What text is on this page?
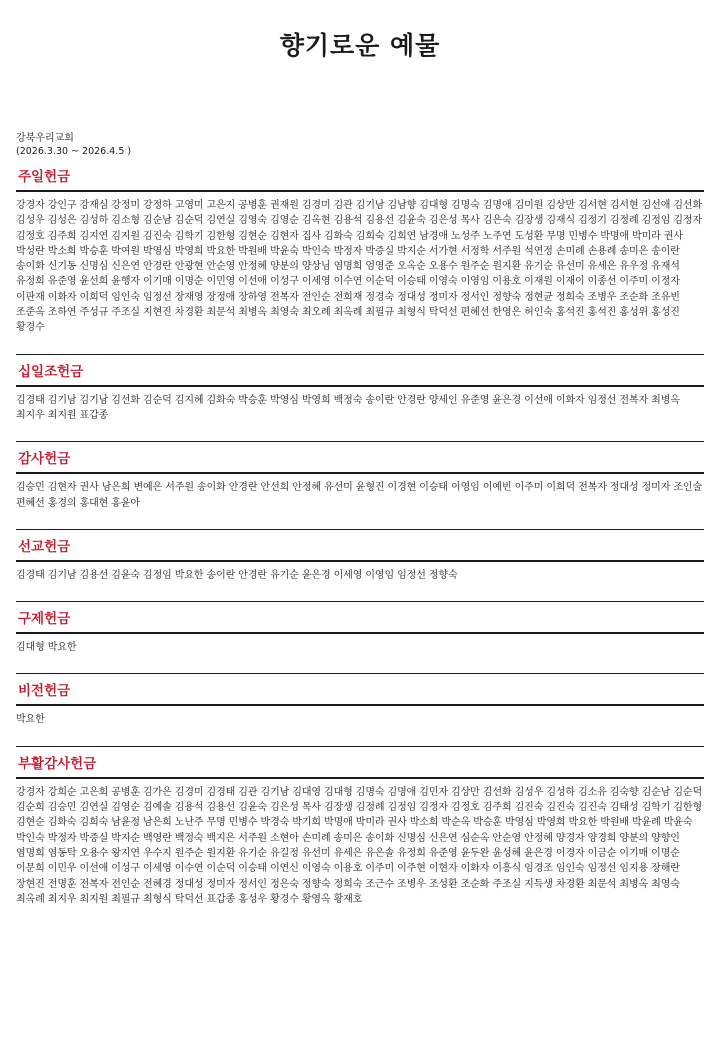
향기로운 예물
강북우리교회
(2026.3.30 ~ 2026.4.5 )
주일헌금
강경자 강인구 강재심 강정미 강정하 고영미 고은지 공병훈 권재원 김경미 김관 김기남 김남향 김대형 김명숙 김명애 김미원 김상만 김서현 김서현 김선애 김선화 김성우 김성은 김성하 김소형 김순남 김순덕 김연실 김영숙 김영순 김옥현 김용석 김용선 김윤숙 김은성 목사 김은숙 김장생 김재식 김정기 김정례 김정임 김정자 김정호 김주희 김지연 김지원 김진숙 김학기 김한형 김현순 김현자 집사 김화숙 김희숙 김희연 남경애 노성주 노주연 도성환 무명 민병수 박명애 박미라 권사 박성란 박소희 박승훈 박여원 박영심 박영희 박요한 박원배 박윤숙 박인숙 박정자 박증실 박지순 서가현 서정학 서주원 석연정 손미례 손용례 송미은 송이란 송이화 신기동 신명심 신은연 안경란 안광현 안순영 안정혜 양분의 양상님 염명희 엄영준 오옥순 오용수 원주순 원지환 유기순 유선미 유세은 유우정 유재석 유정희 유준영 윤선희 윤행자 이기매 이명순 이민영 이선애 이성구 이세영 이수연 이순덕 이승태 이영숙 이영임 이용호 이재원 이재이 이종선 이주미 이정자 이판재 이화자 이희덕 임인숙 임정선 장재영 장정애 장하영 전복자 전인순 전희재 정경숙 정대성 정미자 정서인 정향숙 정현균 정희숙 조병우 조순화 조유빈 조준옥 조하연 주성규 주조실 지현진 차경환 최문석 최병옥 최영숙 최오례 최옥례 최필규 최형식 탁덕선 편혜선 한영은 허인숙 홍석진 홍석진 홍성위 홍성진 황경수
십일조헌금
김경태 김기남 김기남 김선화 김순덕 김지혜 김화숙 박승훈 박영심 박영희 백정숙 송이란 안경란 양세인 유준영 윤은경 이선애 이화자 임정선 전복자 최병옥 최지우 최지원 표갑종
감사헌금
김승민 김현자 권사 남은희 변예은 서주원 송이화 안경란 안선희 안정혜 유선미 윤형진 이경현 이승태 이영임 이예빈 이주미 이희덕 전복자 정대성 정미자 조인술 편혜선 홍경의 홍대현 홍윤아
선교헌금
김경태 김기남 김용선 김윤숙 김정임 박요한 송이란 안경란 유기순 윤은경 이세영 이영임 임정선 정향숙
구제헌금
김대형 박요한
비전헌금
박요한
부활감사헌금
강경자 강희순 고은희 공병훈 김가은 김경미 김경태 김관 김기남 김대영 김대형 김명숙 김명애 김민자 김상만 김선화 김성우 김성하 김소유 김숙향 김순남 김순덕 김순희 김승민 김연실 김영순 김예솔 김용석 김용선 김윤숙 김은성 목사 김장생 김정례 김정임 김정자 김정호 김주희 김진숙 김진숙 김진숙 김태성 김학기 김한형 김현순 김화숙 김희숙 남윤정 남은희 노난주 무명 민병수 박경숙 박기희 박명애 박미라 권사 박소희 박순옥 박승훈 박영심 박영희 박요한 박원배 박윤례 박윤숙 박인숙 박정자 박증실 박지순 백영란 백정숙 백지은 서주원 소현아 손미례 송미은 송이화 신명심 신은연 심순옥 안순영 안정혜 양경자 양경희 양분의 양향인 염명희 염동탁 오용수 왕지연 우수지 원주순 원지환 유기순 유길정 유선미 유세은 유은솔 유정희 유준영 윤두완 윤성혜 윤은경 이경자 이금순 이기매 이명순 이문희 이민우 이선애 이성구 이세영 이수연 이순덕 이승태 이연신 이영숙 이용호 이주미 이주현 이현자 이화자 이흥식 임경조 임인숙 임정선 임지용 장해란 장현진 전명훈 전복자 전인순 전혜경 정대성 정미자 정서인 정은숙 정향숙 정희숙 조근수 조병우 조성환 조순화 주조실 지득생 차경환 최문석 최병옥 최영숙 최옥례 최지우 최지원 최필규 최형식 탁덕선 표갑종 홍성우 황경수 황영옥 황재호
